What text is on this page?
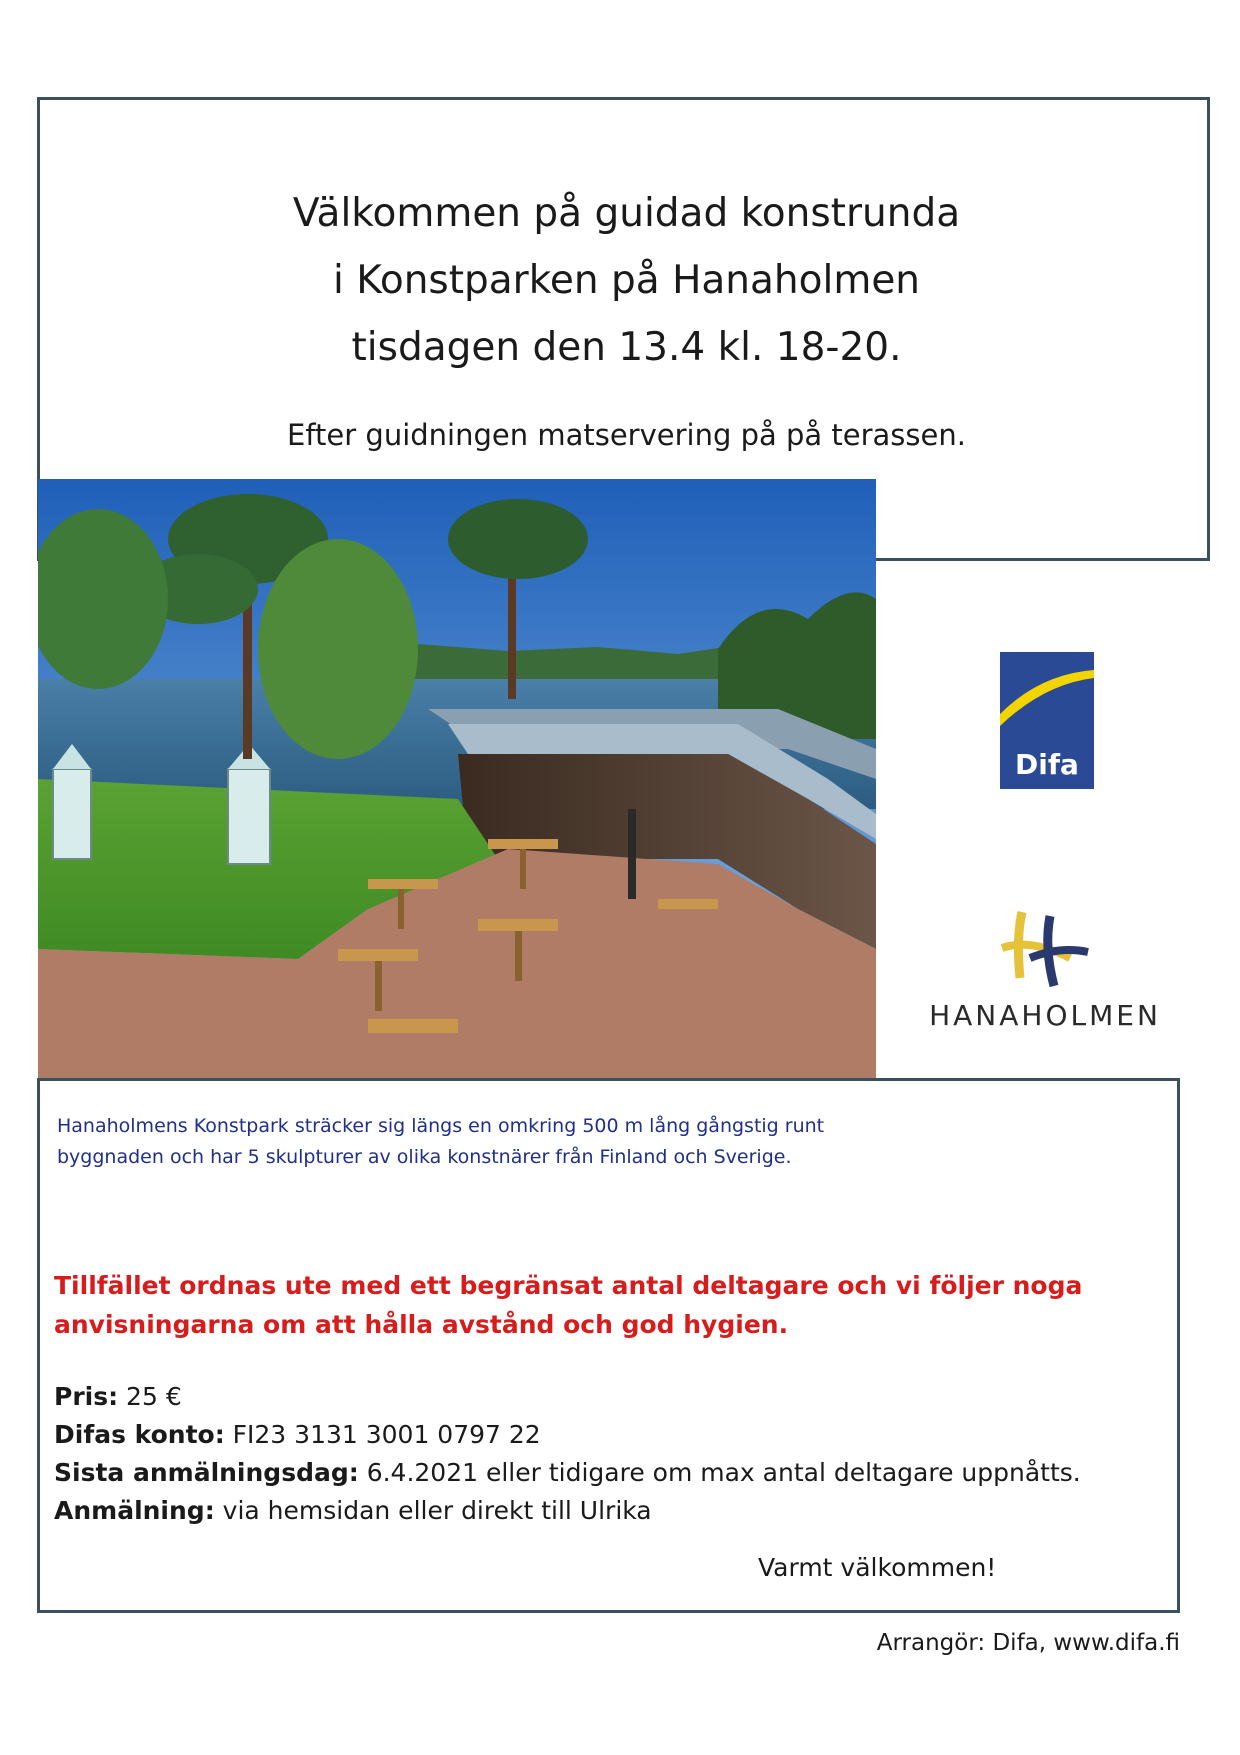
Välkommen på guidad konstrunda
i Konstparken på Hanaholmen
tisdagen den 13.4 kl. 18-20.
Efter guidningen matservering på på terassen.
Difa
HANAHOLMEN
Hanaholmens Konstpark sträcker sig längs en omkring 500 m lång gångstig runt
byggnaden och har 5 skulpturer av olika konstnärer från Finland och Sverige.
Tillfället ordnas ute med ett begränsat antal deltagare och vi följer noga
anvisningarna om att hålla avstånd och god hygien.
Pris: 25 €
Difas konto: FI23 3131 3001 0797 22
Sista anmälningsdag: 6.4.2021 eller tidigare om max antal deltagare uppnåtts.
Anmälning: via hemsidan eller direkt till Ulrika
Varmt välkommen!
Arrangör: Difa, www.difa.fi
